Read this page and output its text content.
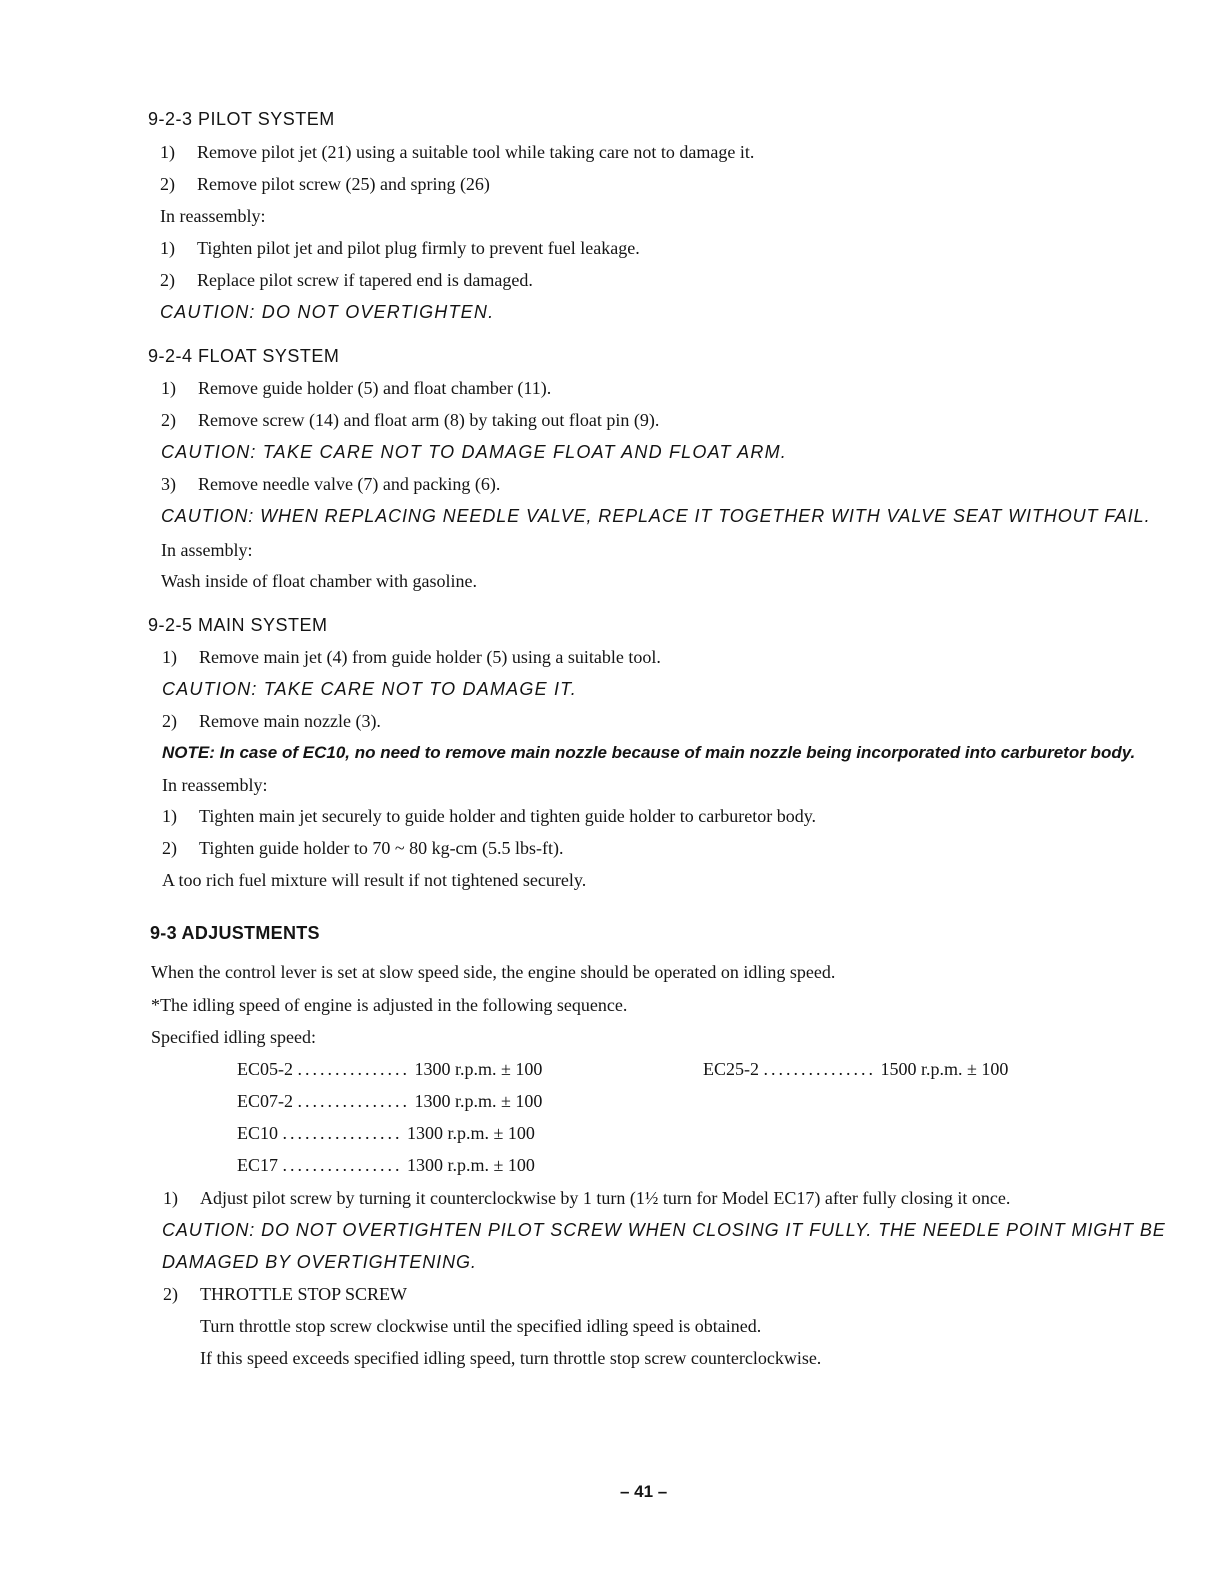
9-2-3 PILOT SYSTEM
1) Remove pilot jet (21) using a suitable tool while taking care not to damage it.
2) Remove pilot screw (25) and spring (26)
In reassembly:
1) Tighten pilot jet and pilot plug firmly to prevent fuel leakage.
2) Replace pilot screw if tapered end is damaged.
CAUTION: DO NOT OVERTIGHTEN.
9-2-4 FLOAT SYSTEM
1) Remove guide holder (5) and float chamber (11).
2) Remove screw (14) and float arm (8) by taking out float pin (9).
CAUTION: TAKE CARE NOT TO DAMAGE FLOAT AND FLOAT ARM.
3) Remove needle valve (7) and packing (6).
CAUTION: WHEN REPLACING NEEDLE VALVE, REPLACE IT TOGETHER WITH VALVE SEAT WITHOUT FAIL.
In assembly:
Wash inside of float chamber with gasoline.
9-2-5 MAIN SYSTEM
1) Remove main jet (4) from guide holder (5) using a suitable tool.
CAUTION: TAKE CARE NOT TO DAMAGE IT.
2) Remove main nozzle (3).
NOTE: In case of EC10, no need to remove main nozzle because of main nozzle being incorporated into carburetor body.
In reassembly:
1) Tighten main jet securely to guide holder and tighten guide holder to carburetor body.
2) Tighten guide holder to 70 ~ 80 kg-cm (5.5 lbs-ft).
A too rich fuel mixture will result if not tightened securely.
9-3 ADJUSTMENTS
When the control lever is set at slow speed side, the engine should be operated on idling speed.
*The idling speed of engine is adjusted in the following sequence.
Specified idling speed:
EC05-2 ............... 1300 r.p.m. ± 100
EC07-2 ............... 1300 r.p.m. ± 100
EC10 ................ 1300 r.p.m. ± 100
EC17 ................ 1300 r.p.m. ± 100
EC25-2 ............... 1500 r.p.m. ± 100
1) Adjust pilot screw by turning it counterclockwise by 1 turn (1½ turn for Model EC17) after fully closing it once.
CAUTION: DO NOT OVERTIGHTEN PILOT SCREW WHEN CLOSING IT FULLY. THE NEEDLE POINT MIGHT BE
DAMAGED BY OVERTIGHTENING.
2) THROTTLE STOP SCREW
Turn throttle stop screw clockwise until the specified idling speed is obtained.
If this speed exceeds specified idling speed, turn throttle stop screw counterclockwise.
– 41 –
